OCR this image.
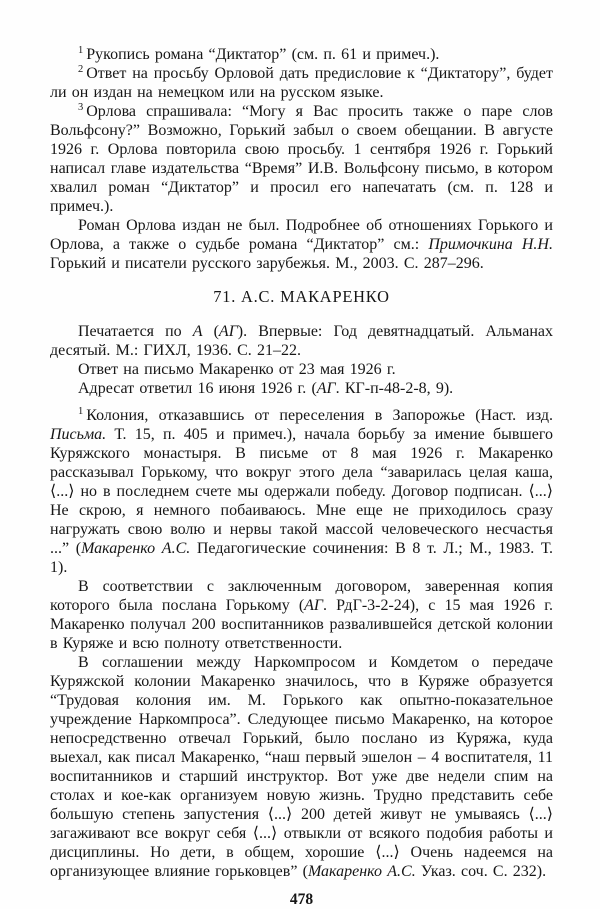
$^1$ Рукопись романа “Диктатор” (см. п. 61 и примеч.).

$^2$ Ответ на просьбу Орловой дать предисловие к “Диктатору”, будет ли он издан на немецком или на русском языке.

$^3$ Орлова спрашивала: “Могу я Вас просить также о паре слов Вольфсону?” Возможно, Горький забыл о своем обещании. В августе 1926 г. Орлова повторила свою просьбу. 1 сентября 1926 г. Горький написал главе издательства “Время” И.В. Вольфсону письмо, в котором хвалил роман “Диктатор” и просил его напечатать (см. п. 128 и примеч.).

Роман Орлова издан не был. Подробнее об отношениях Горького и Орлова, а также о судьбе романа “Диктатор” см.: Примочкина Н.Н. Горький и писатели русского зарубежья. М., 2003. С. 287–296.

71. А.С. МАКАРЕНКО

Печатается по А (АГ). Впервые: Год девятнадцатый. Альманах десятый. М.: ГИХЛ, 1936. С. 21–22.

Ответ на письмо Макаренко от 23 мая 1926 г.

Адресат ответил 16 июня 1926 г. (АГ. КГ-п-48-2-8, 9).

$^1$ Колония, отказавшись от переселения в Запорожье (Наст. изд. Письма. Т. 15, п. 405 и примеч.), начала борьбу за имение бывшего Куряжского монастыря. В письме от 8 мая 1926 г. Макаренко рассказывал Горькому, что вокруг этого дела “заварилась целая каша, ⟨...⟩ но в последнем счете мы одержали победу. Договор подписан. ⟨...⟩ Не скрою, я немного побаиваюсь. Мне еще не приходилось сразу нагружать свою волю и нервы такой массой человеческого несчастья ...” (Макаренко А.С. Педагогические сочинения: В 8 т. Л.; М., 1983. Т. 1).

В соответствии с заключенным договором, заверенная копия которого была послана Горькому (АГ. РдГ-3-2-24), с 15 мая 1926 г. Макаренко получал 200 воспитанников развалившейся детской колонии в Куряже и всю полноту ответственности.

В соглашении между Наркомпросом и Комдетом о передаче Куряжской колонии Макаренко значилось, что в Куряже образуется “Трудовая колония им. М. Горького как опытно-показательное учреждение Наркомпроса”. Следующее письмо Макаренко, на которое непосредственно отвечал Горький, было послано из Куряжа, куда выехал, как писал Макаренко, “наш первый эшелон – 4 воспитателя, 11 воспитанников и старший инструктор. Вот уже две недели спим на столах и кое-как организуем новую жизнь. Трудно представить себе большую степень запустения ⟨...⟩ 200 детей живут не умываясь ⟨...⟩ загаживают все вокруг себя ⟨...⟩ отвыкли от всякого подобия работы и дисциплины. Но дети, в общем, хорошие ⟨...⟩ Очень надеемся на организующее влияние горьковцев” (Макаренко А.С. Указ. соч. С. 232).

478
